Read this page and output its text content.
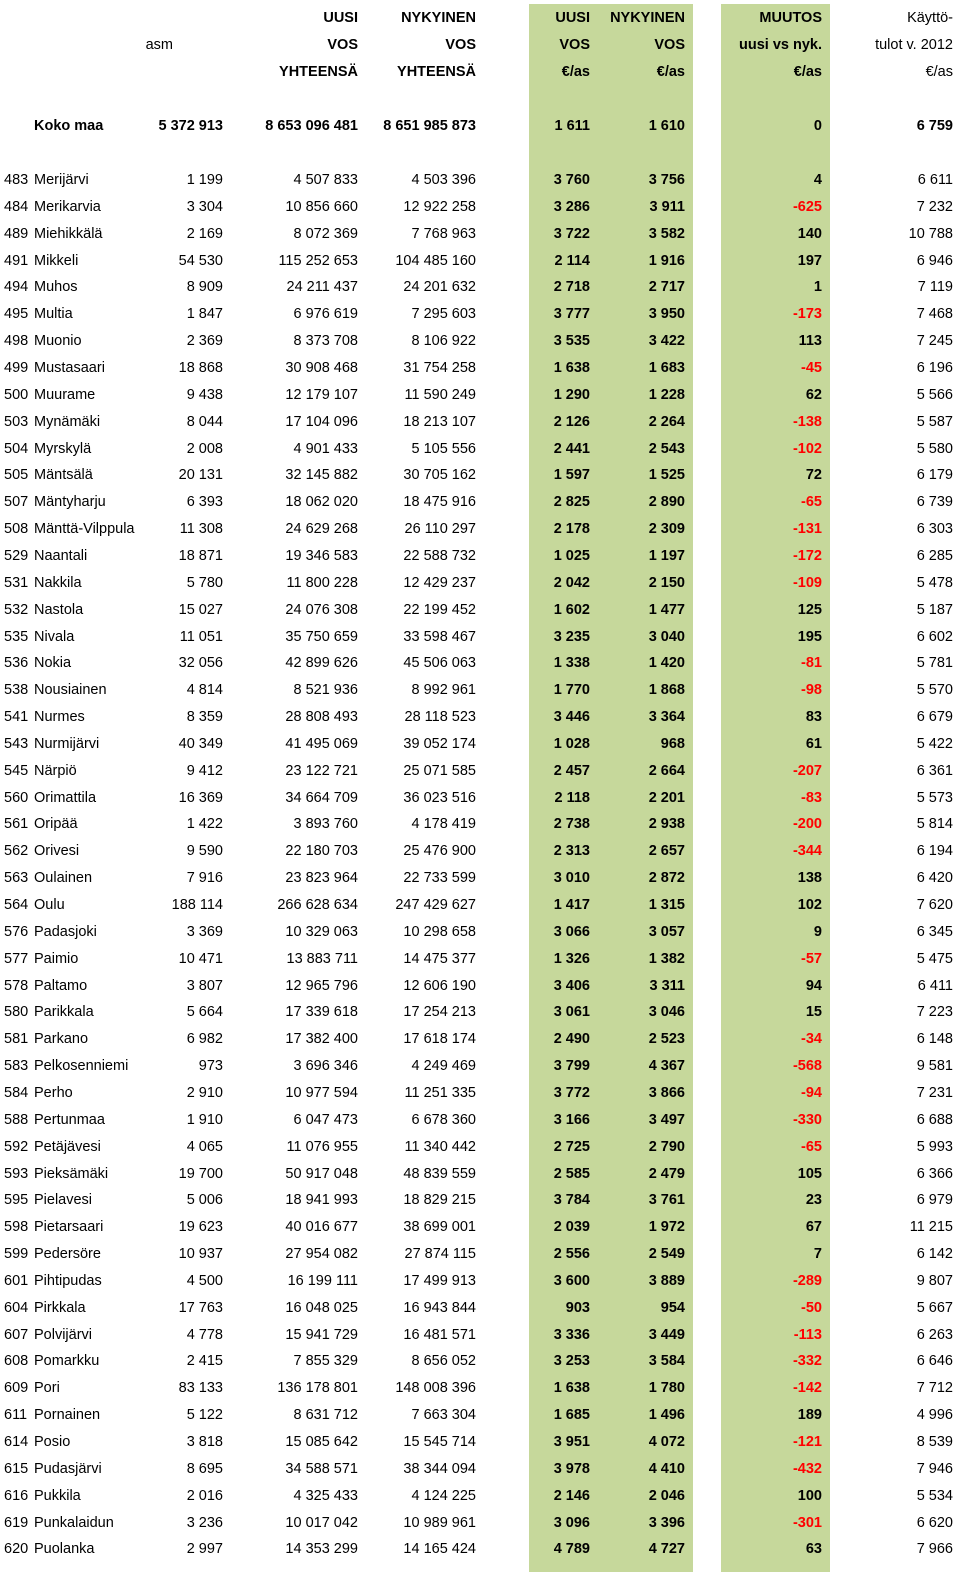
UUSI	NYKYINEN	UUSI	NYKYINEN	MUUTOS	Käyttö-
asm	VOS	VOS	VOS	VOS	uusi vs nyk.	tulot v. 2012
YHTEENSÄ	YHTEENSÄ	€/as	€/as	€/as	€/as
Koko maa	5 372 913	8 653 096 481	8 651 985 873	1 611	1 610	0	6 759
483 Merijärvi	1 199	4 507 833	4 503 396	3 760	3 756	4	6 611
484 Merikarvia	3 304	10 856 660	12 922 258	3 286	3 911	-625	7 232
489 Miehikkälä	2 169	8 072 369	7 768 963	3 722	3 582	140	10 788
491 Mikkeli	54 530	115 252 653	104 485 160	2 114	1 916	197	6 946
494 Muhos	8 909	24 211 437	24 201 632	2 718	2 717	1	7 119
495 Multia	1 847	6 976 619	7 295 603	3 777	3 950	-173	7 468
498 Muonio	2 369	8 373 708	8 106 922	3 535	3 422	113	7 245
499 Mustasaari	18 868	30 908 468	31 754 258	1 638	1 683	-45	6 196
500 Muurame	9 438	12 179 107	11 590 249	1 290	1 228	62	5 566
503 Mynämäki	8 044	17 104 096	18 213 107	2 126	2 264	-138	5 587
504 Myrskylä	2 008	4 901 433	5 105 556	2 441	2 543	-102	5 580
505 Mäntsälä	20 131	32 145 882	30 705 162	1 597	1 525	72	6 179
507 Mäntyharju	6 393	18 062 020	18 475 916	2 825	2 890	-65	6 739
508 Mänttä-Vilppula	11 308	24 629 268	26 110 297	2 178	2 309	-131	6 303
529 Naantali	18 871	19 346 583	22 588 732	1 025	1 197	-172	6 285
531 Nakkila	5 780	11 800 228	12 429 237	2 042	2 150	-109	5 478
532 Nastola	15 027	24 076 308	22 199 452	1 602	1 477	125	5 187
535 Nivala	11 051	35 750 659	33 598 467	3 235	3 040	195	6 602
536 Nokia	32 056	42 899 626	45 506 063	1 338	1 420	-81	5 781
538 Nousiainen	4 814	8 521 936	8 992 961	1 770	1 868	-98	5 570
541 Nurmes	8 359	28 808 493	28 118 523	3 446	3 364	83	6 679
543 Nurmijärvi	40 349	41 495 069	39 052 174	1 028	968	61	5 422
545 Närpiö	9 412	23 122 721	25 071 585	2 457	2 664	-207	6 361
560 Orimattila	16 369	34 664 709	36 023 516	2 118	2 201	-83	5 573
561 Oripää	1 422	3 893 760	4 178 419	2 738	2 938	-200	5 814
562 Orivesi	9 590	22 180 703	25 476 900	2 313	2 657	-344	6 194
563 Oulainen	7 916	23 823 964	22 733 599	3 010	2 872	138	6 420
564 Oulu	188 114	266 628 634	247 429 627	1 417	1 315	102	7 620
576 Padasjoki	3 369	10 329 063	10 298 658	3 066	3 057	9	6 345
577 Paimio	10 471	13 883 711	14 475 377	1 326	1 382	-57	5 475
578 Paltamo	3 807	12 965 796	12 606 190	3 406	3 311	94	6 411
580 Parikkala	5 664	17 339 618	17 254 213	3 061	3 046	15	7 223
581 Parkano	6 982	17 382 400	17 618 174	2 490	2 523	-34	6 148
583 Pelkosenniemi	973	3 696 346	4 249 469	3 799	4 367	-568	9 581
584 Perho	2 910	10 977 594	11 251 335	3 772	3 866	-94	7 231
588 Pertunmaa	1 910	6 047 473	6 678 360	3 166	3 497	-330	6 688
592 Petäjävesi	4 065	11 076 955	11 340 442	2 725	2 790	-65	5 993
593 Pieksämäki	19 700	50 917 048	48 839 559	2 585	2 479	105	6 366
595 Pielavesi	5 006	18 941 993	18 829 215	3 784	3 761	23	6 979
598 Pietarsaari	19 623	40 016 677	38 699 001	2 039	1 972	67	11 215
599 Pedersöre	10 937	27 954 082	27 874 115	2 556	2 549	7	6 142
601 Pihtipudas	4 500	16 199 111	17 499 913	3 600	3 889	-289	9 807
604 Pirkkala	17 763	16 048 025	16 943 844	903	954	-50	5 667
607 Polvijärvi	4 778	15 941 729	16 481 571	3 336	3 449	-113	6 263
608 Pomarkku	2 415	7 855 329	8 656 052	3 253	3 584	-332	6 646
609 Pori	83 133	136 178 801	148 008 396	1 638	1 780	-142	7 712
611 Pornainen	5 122	8 631 712	7 663 304	1 685	1 496	189	4 996
614 Posio	3 818	15 085 642	15 545 714	3 951	4 072	-121	8 539
615 Pudasjärvi	8 695	34 588 571	38 344 094	3 978	4 410	-432	7 946
616 Pukkila	2 016	4 325 433	4 124 225	2 146	2 046	100	5 534
619 Punkalaidun	3 236	10 017 042	10 989 961	3 096	3 396	-301	6 620
620 Puolanka	2 997	14 353 299	14 165 424	4 789	4 727	63	7 966
